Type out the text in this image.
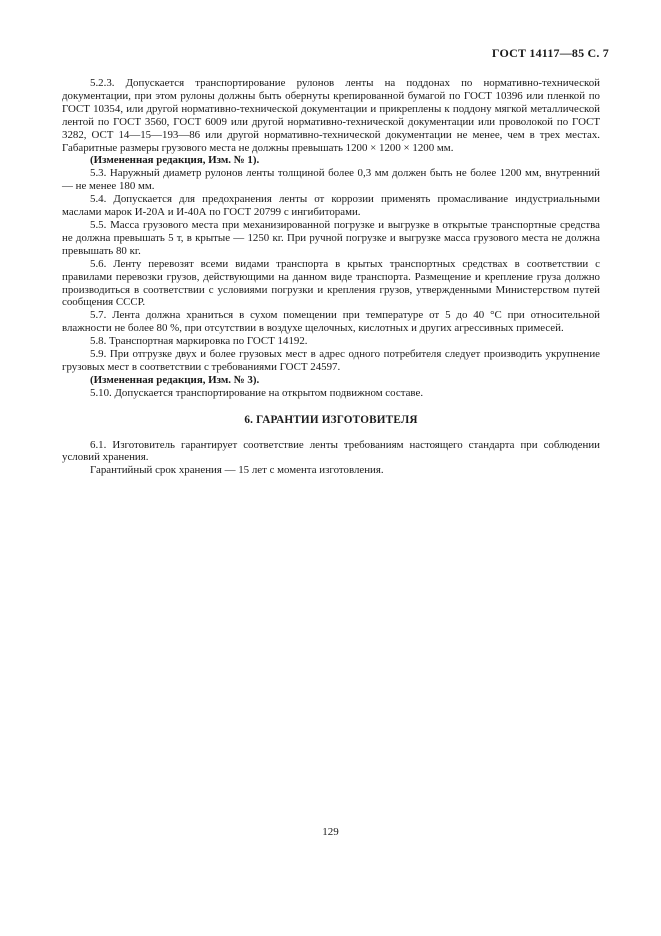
ГОСТ 14117—85 С. 7

5.2.3. Допускается транспортирование рулонов ленты на поддонах по нормативно-технической документации, при этом рулоны должны быть обернуты крепированной бумагой по ГОСТ 10396 или пленкой по ГОСТ 10354, или другой нормативно-технической документации и прикреплены к поддону мягкой металлической лентой по ГОСТ 3560, ГОСТ 6009 или другой нормативно-технической документации или проволокой по ГОСТ 3282, ОСТ 14—15—193—86 или другой нормативно-технической документации не менее, чем в трех местах. Габаритные размеры грузового места не должны превышать 1200 × 1200 × 1200 мм.

(Измененная редакция, Изм. № 1).

5.3. Наружный диаметр рулонов ленты толщиной более 0,3 мм должен быть не более 1200 мм, внутренний — не менее 180 мм.

5.4. Допускается для предохранения ленты от коррозии применять промасливание индустриальными маслами марок И-20А и И-40А по ГОСТ 20799 с ингибиторами.

5.5. Масса грузового места при механизированной погрузке и выгрузке в открытые транспортные средства не должна превышать 5 т, в крытые — 1250 кг. При ручной погрузке и выгрузке масса грузового места не должна превышать 80 кг.

5.6. Ленту перевозят всеми видами транспорта в крытых транспортных средствах в соответствии с правилами перевозки грузов, действующими на данном виде транспорта. Размещение и крепление груза должно производиться в соответствии с условиями погрузки и крепления грузов, утвержденными Министерством путей сообщения СССР.

5.7. Лента должна храниться в сухом помещении при температуре от 5 до 40 °С при относительной влажности не более 80 %, при отсутствии в воздухе щелочных, кислотных и других агрессивных примесей.

5.8. Транспортная маркировка по ГОСТ 14192.

5.9. При отгрузке двух и более грузовых мест в адрес одного потребителя следует производить укрупнение грузовых мест в соответствии с требованиями ГОСТ 24597.

(Измененная редакция, Изм. № 3).

5.10. Допускается транспортирование на открытом подвижном составе.

6. ГАРАНТИИ ИЗГОТОВИТЕЛЯ

6.1. Изготовитель гарантирует соответствие ленты требованиям настоящего стандарта при соблюдении условий хранения.

Гарантийный срок хранения — 15 лет с момента изготовления.

129
